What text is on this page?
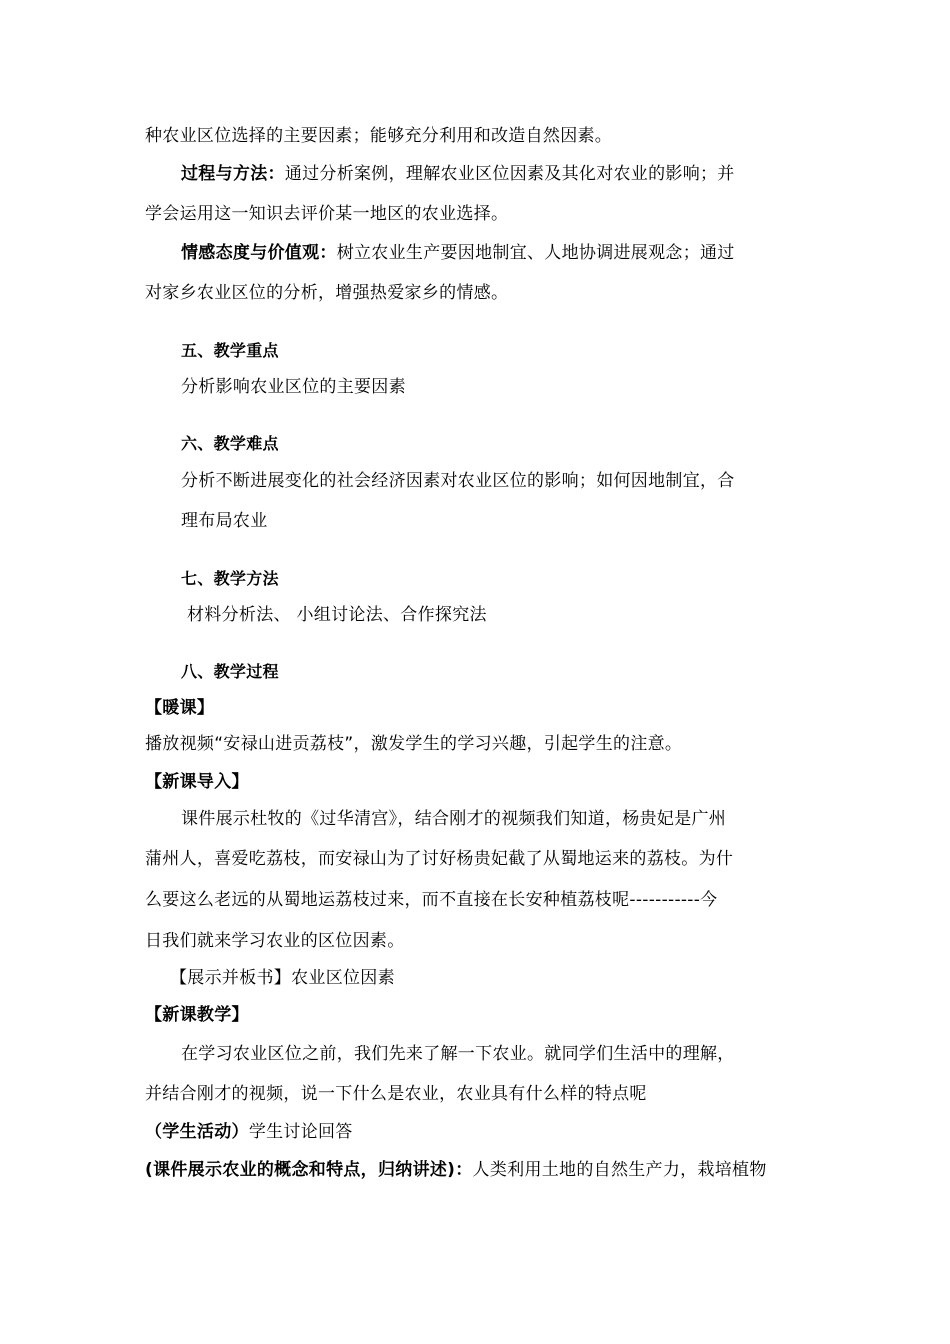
种农业区位选择的主要因素；能够充分利用和改造自然因素。
过程与方法：通过分析案例，理解农业区位因素及其化对农业的影响；并
学会运用这一知识去评价某一地区的农业选择。
情感态度与价值观：树立农业生产要因地制宜、人地协调进展观念；通过
对家乡农业区位的分析，增强热爱家乡的情感。
五、教学重点
分析影响农业区位的主要因素
六、教学难点
分析不断进展变化的社会经济因素对农业区位的影响；如何因地制宜，合
理布局农业
七、教学方法
材料分析法、 小组讨论法、合作探究法
八、教学过程
【暖课】
播放视频“安禄山进贡荔枝”，激发学生的学习兴趣，引起学生的注意。
【新课导入】
课件展示杜牧的《过华清宫》，结合刚才的视频我们知道，杨贵妃是广州
蒲州人，喜爱吃荔枝，而安禄山为了讨好杨贵妃截了从蜀地运来的荔枝。为什
么要这么老远的从蜀地运荔枝过来，而不直接在长安种植荔枝呢-----------今
日我们就来学习农业的区位因素。
【展示并板书】农业区位因素
【新课教学】
在学习农业区位之前，我们先来了解一下农业。就同学们生活中的理解，
并结合刚才的视频，说一下什么是农业，农业具有什么样的特点呢
（学生活动）学生讨论回答
(课件展示农业的概念和特点，归纳讲述)：人类利用土地的自然生产力，栽培植物
